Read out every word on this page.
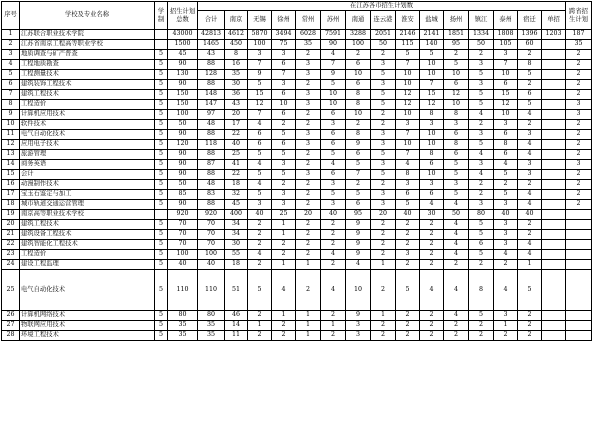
序号	学校及专业名称	学制	招生计划总数	在江苏各市招生计划数															跨省招生计划
				合计	南京	无锡	徐州	常州	苏州	南通	连云港	淮安	盐城	扬州	镇江	泰州	宿迁	单招	
1	江苏联合职业技术学院		43000	42813	4612	5870	3494	6028	7591	3288	2051	2146	2141	1851	1334	1808	1396	1203	187
2	江苏省南京工程高等职业学校		1500	1465	450	100	75	35	90	100	50	115	140	95	50	105	60		35
3	地质调查与矿产普查	5	45	43	8	3	3	2	4	2	2	5	5	2	2	3	2		2
4	工程地质勘查	5	90	88	16	7	6	3	7	6	3	7	10	5	3	7	8		2
5	工程测量技术	5	130	128	35	9	7	3	9	10	5	10	10	10	5	10	5		2
6	建筑装饰工程技术	5	90	88	30	5	3	2	5	6	3	10	7	6	3	6	2		2
7	建筑工程技术	5	150	148	36	15	6	3	10	8	5	12	15	12	5	15	6		2
8	工程造价	5	150	147	43	12	10	3	10	8	5	12	12	10	5	12	5		3
9	计算机应用技术	5	100	97	20	7	6	2	6	10	2	10	8	8	4	10	4		3
10	软件技术	5	50	48	17	4	2	2	3	2	2	3	3	3	2	3	2		2
11	电气自动化技术	5	90	88	22	6	5	3	6	8	3	7	10	6	3	6	3		2
12	应用电子技术	5	120	118	40	6	6	3	6	9	3	10	10	8	5	8	4		2
13	旅游管理	5	90	88	25	5	5	2	5	6	5	7	8	6	4	6	4		2
14	商务英语	5	90	87	41	4	3	2	4	5	3	4	6	5	3	4	3		3
15	会计	5	90	88	22	5	5	3	6	7	5	8	10	5	4	5	3		2
16	动漫制作技术	5	50	48	18	4	2	2	3	2	2	3	3	3	2	2	2		2
17	宝玉石鉴定与加工	5	85	83	32	5	3	2	5	5	3	6	6	5	2	5	4		2
18	城市轨道交通运营管理	5	90	88	45	3	3	2	3	6	3	5	4	4	3	3	4		2
19	南京高等职业技术学校		920	920	400	40	25	20	40	95	20	40	30	50	80	40	40		
20	建筑工程技术	5	70	70	34	2	1	2	2	9	2	2	2	4	5	3	2		
21	建筑设备工程技术	5	70	70	34	2	1	2	2	9	2	2	2	4	5	3	2		
22	建筑智能化工程技术	5	70	70	30	2	2	2	2	9	2	2	2	4	6	3	4		
23	工程造价	5	100	100	55	4	2	2	4	9	2	3	2	4	5	4	4		
24	建设工程监理	5	40	40	18	2	1	1	2	4	1	2	2	2	2	2	1		
25	电气自动化技术	5	110	110	51	5	4	2	4	10	2	5	4	4	8	4	5		
26	计算机网络技术	5	80	80	46	2	1	1	2	9	1	2	2	4	5	3	2		
27	物联网应用技术	5	35	35	14	1	2	1	1	3	2	2	2	2	2	1	2		
28	环境工程技术	5	35	35	11	2	2	1	2	3	2	2	2	2	2	2	2		
